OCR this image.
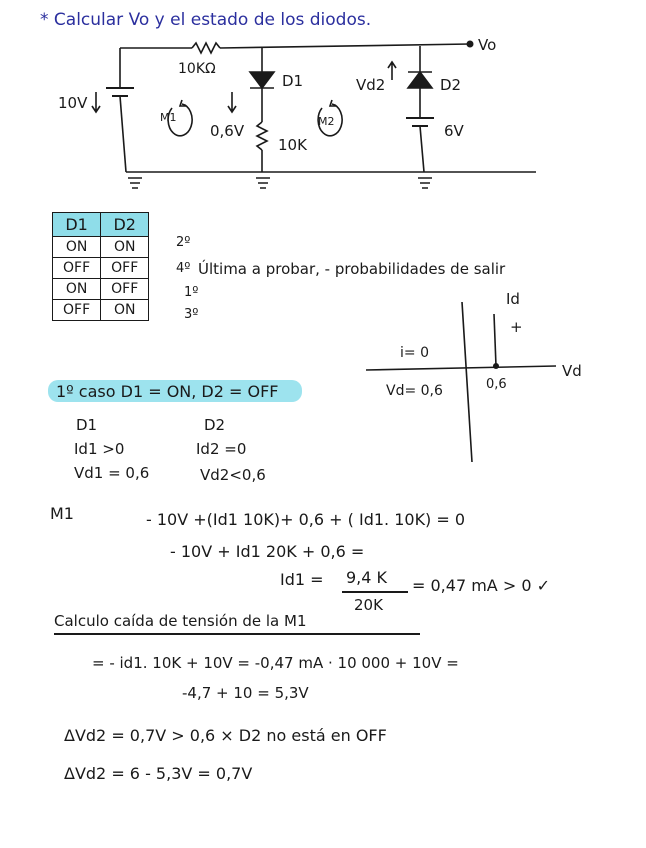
* Calcular Vo y el estado de los diodos.
Vo
10KΩ
D1	Vd2	D2
10V
M1
0,6V
M2
10K
6V
D1	D2
ON	ON
OFF	OFF
ON	OFF
OFF	ON
2º
4º
1º
3º
Última a probar, - probabilidades de salir
Id
+
i= 0
Vd
Vd= 0,6	0,6
1º caso D1 = ON, D2 = OFF
D1	D2
Id1 >0	Id2 =0
Vd1 = 0,6	Vd2<0,6
M1	- 10V +(Id1 10K)+ 0,6 + ( Id1. 10K) = 0
- 10V + Id1 20K + 0,6 =
Id1 = 9,4 K
20K
= 0,47 mA > 0 ✓
Calculo caída de tensión de la M1
= - id1. 10K + 10V = -0,47 mA · 10 000 + 10V =
-4,7 + 10 = 5,3V
ΔVd2 = 0,7V > 0,6 × D2 no está en OFF
ΔVd2 = 6 - 5,3V = 0,7V
